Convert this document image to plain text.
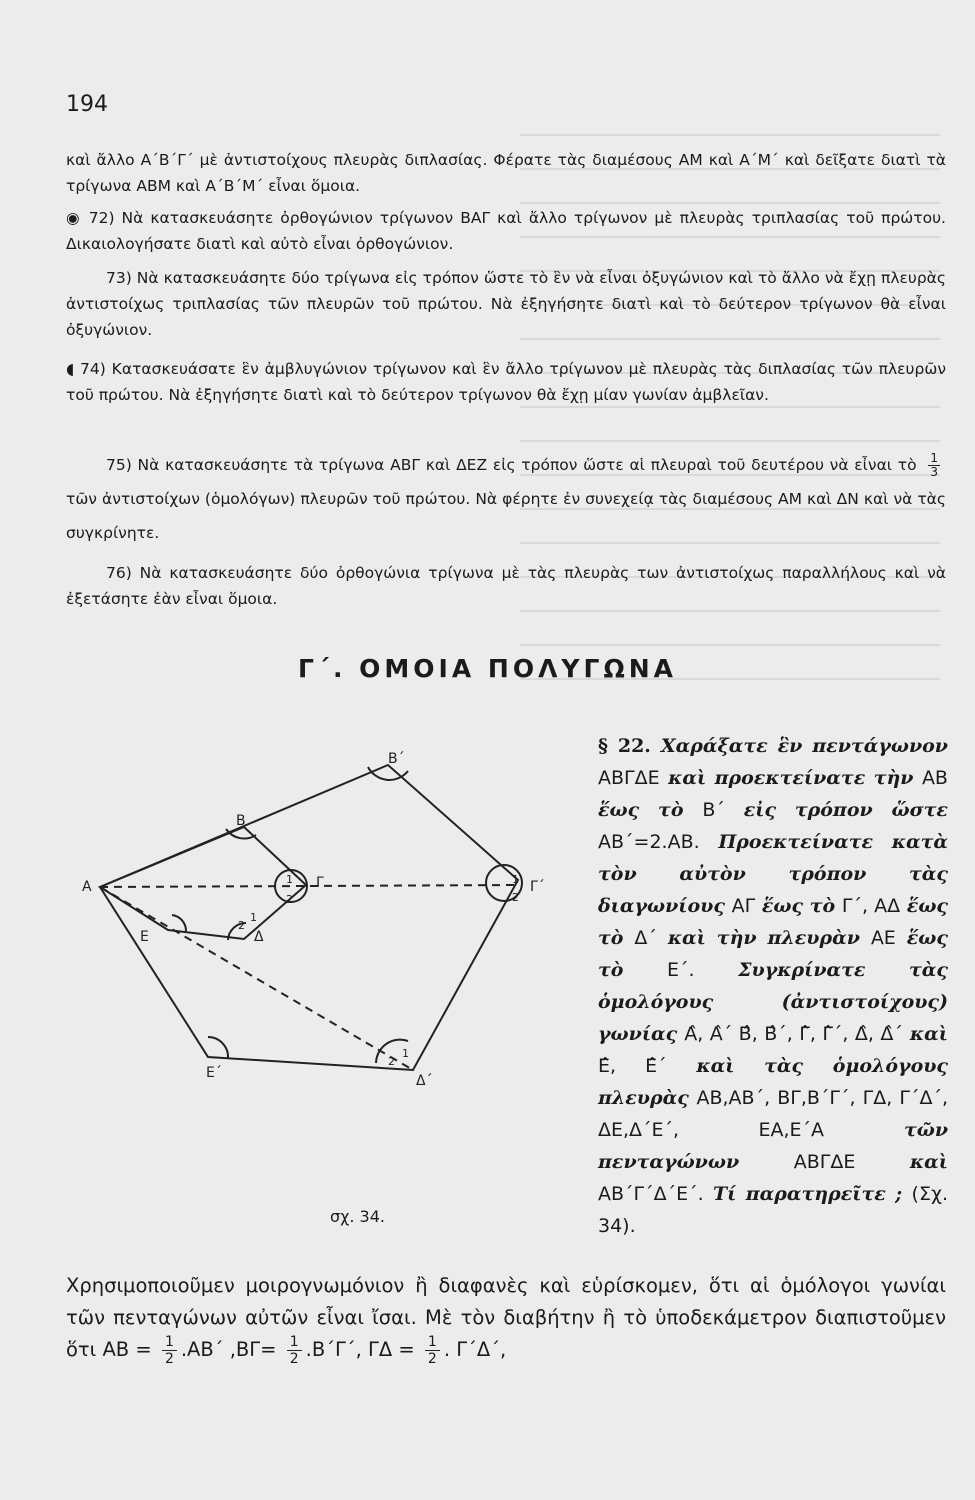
194
καὶ ἄλλο Α΄Β΄Γ΄ μὲ ἀντιστοίχους πλευρὰς διπλασίας. Φέρατε τὰς διαμέσους ΑΜ καὶ Α΄Μ΄ καὶ δεῖξατε διατὶ τὰ τρίγωνα ΑΒΜ καὶ Α΄Β΄Μ΄ εἶναι ὅμοια.
◉ 72) Νὰ κατασκευάσητε ὀρθογώνιον τρίγωνον ΒΑΓ καὶ ἄλλο τρίγωνον μὲ πλευρὰς τριπλασίας τοῦ πρώτου. Δικαιολογήσατε διατὶ καὶ αὐτὸ εἶναι ὀρθογώνιον.
73) Νὰ κατασκευάσητε δύο τρίγωνα εἰς τρόπον ὥστε τὸ ἓν νὰ εἶναι ὀξυγώνιον καὶ τὸ ἄλλο νὰ ἔχῃ πλευρὰς ἀντιστοίχως τριπλασίας τῶν πλευρῶν τοῦ πρώτου. Νὰ ἐξηγήσητε διατὶ καὶ τὸ δεύτερον τρίγωνον θὰ εἶναι ὀξυγώνιον.
◖ 74) Κατασκευάσατε ἓν ἀμβλυγώνιον τρίγωνον καὶ ἓν ἄλλο τρίγωνον μὲ πλευρὰς τὰς διπλασίας τῶν πλευρῶν τοῦ πρώτου. Νὰ ἐξηγήσητε διατὶ καὶ τὸ δεύτερον τρίγωνον θὰ ἔχῃ μίαν γωνίαν ἀμβλεῖαν.
75) Νὰ κατασκευάσητε τὰ τρίγωνα ΑΒΓ καὶ ΔΕΖ εἰς τρόπον ὥστε αἱ πλευραὶ τοῦ δευτέρου νὰ εἶναι τὸ $\frac{1}{3}$
τῶν ἀντιστοίχων (ὁμολόγων) πλευρῶν τοῦ πρώτου. Νὰ φέρητε ἐν συνεχείᾳ τὰς διαμέσους ΑΜ καὶ ΔΝ καὶ νὰ τὰς συγκρίνητε.
76) Νὰ κατασκευάσητε δύο ὀρθογώνια τρίγωνα μὲ τὰς πλευρὰς των ἀντιστοίχως παραλλήλους καὶ νὰ ἐξετάσητε ἐὰν εἶναι ὅμοια.
Γ΄. ΟΜΟΙΑ ΠΟΛΥΓΩΝΑ
Α
Β
Γ
Δ
Ε
Β΄
Γ΄
Δ΄
Ε΄
1
2
1
2
2
1
2
1
σχ. 34.
§ 22. Χαράξατε ἓν πεντάγωνον ΑΒΓΔΕ καὶ προεκτείνατε τὴν ΑΒ ἕως τὸ Β΄ εἰς τρόπον ὥστε ΑΒ΄=2.ΑΒ. Προεκτείνατε κατὰ τὸν αὐτὸν τρόπον τὰς διαγωνίους ΑΓ ἕως τὸ Γ΄, ΑΔ ἕως τὸ Δ΄ καὶ τὴν πλευρὰν ΑΕ ἕως τὸ Ε΄. Συγκρίνατε τὰς ὁμολόγους (ἀντιστοίχους) γωνίας Α̂, Α̂΄ Β̂, Β̂΄, Γ̂, Γ̂΄, Δ̂, Δ̂΄ καὶ Ε̂, Ε̂΄ καὶ τὰς ὁμολόγους πλευρὰς ΑΒ,ΑΒ΄, ΒΓ,Β΄Γ΄, ΓΔ, Γ΄Δ΄, ΔΕ,Δ΄Ε΄, ΕΑ,Ε΄Α	τῶν πενταγώνων	ΑΒΓΔΕ	καὶ ΑΒ΄Γ΄Δ΄Ε΄. Τί παρατηρεῖτε ; (Σχ. 34).
Χρησιμοποιοῦμεν μοιρογνωμόνιον ἢ διαφανὲς καὶ εὑρίσκομεν, ὅτι αἱ ὁμόλογοι γωνίαι τῶν πενταγώνων αὐτῶν εἶναι ἴσαι. Μὲ τὸν διαβήτην ἢ τὸ ὑποδεκάμετρον διαπιστοῦμεν ὅτι $AB = \frac{1}{2} .AB΄$ $,B\Gamma= \frac{1}{2} .B΄\Gamma΄$, $\Gamma\Delta = \frac{1}{2}$ . Γ΄Δ΄,
